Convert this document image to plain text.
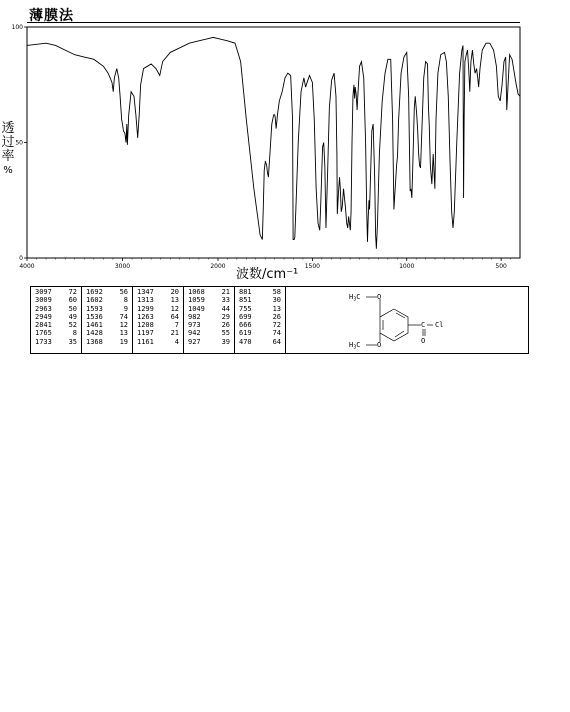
薄膜法
透
过
率
%
波数/cm⁻¹
4000	3000	2000	1500	1000	500
0
50
100
3097 72
3009 60
2963 50
2949 49
2841 52
1765	8
1733 35

1692 56
1602	8
1593	9
1536 74
1461 12
1428 13
1368 19

1347 20
1313 13
1299 12
1263 64
1208	7
1197 21
1161	4

1068 21
1059 33
1049 44
982	29
973	26
942	55
927	39

881	58
851	30
755	13
699	26
666	72
619	74
470	64

$H_3C$ O
$H_3C$ O
C Cl
O
